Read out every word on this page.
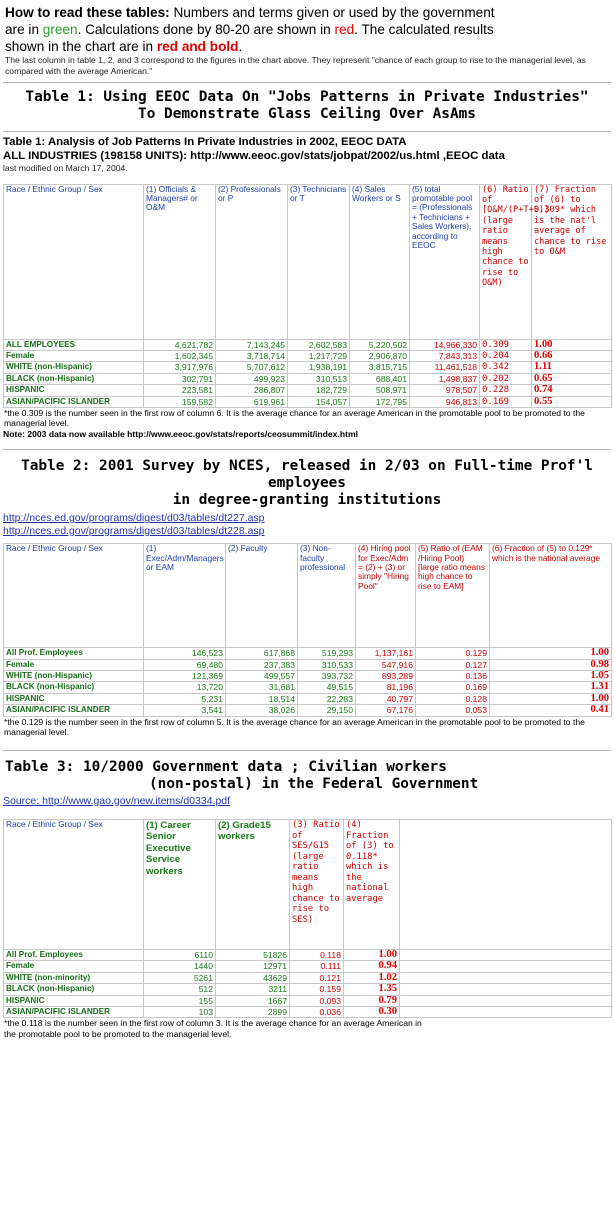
How to read these tables: Numbers and terms given or used by the government
are in green. Calculations done by 80-20 are shown in red. The calculated results
shown in the chart are in red and bold.
The last column in table 1, 2, and 3 correspond to the figures in the chart above. They represent "chance of each group to rise to the managerial level, as compared with the average American."
Table 1: Using EEOC Data On "Jobs Patterns in Private Industries"
To Demonstrate Glass Ceiling Over AsAms
Table 1: Analysis of Job Patterns In Private Industries in 2002, EEOC DATA
ALL INDUSTRIES (198158 UNITS): http://www.eeoc.gov/stats/jobpat/2002/us.html ,EEOC data
last modified on March 17, 2004.
Race / Ethnic Group / Sex	(1) Officials & Managers# or O&M	(2) Professionals or P	(3) Technicians or T	(4) Sales Workers or S	(5) total promotable pool = (Professionals + Technicians + Sales Workers), according to EEOC	(6) Ratio of [O&M/(P+T+S)] (large ratio means high chance to rise to O&M)	(7) Fraction of (6) to 0.309* which is the nat'l average of chance to rise to O&M
ALL EMPLOYEES	4,621,782	7,143,245	2,602,583	5,220,502	14,966,330	0.309	1.00
Female	1,602,345	3,718,714	1,217,729	2,906,870	7,843,313	0.204	0.66
WHITE (non-Hispanic)	3,917,976	5,707,612	1,938,191	3,815,715	11,461,518	0.342	1.11
BLACK (non-Hispanic)	302,791	499,923	310,513	688,401	1,498,837	0.202	0.65
HISPANIC	223,581	286,807	182,729	508,971	978,507	0.228	0.74
ASIAN/PACIFIC ISLANDER	159,582	619,961	154,057	172,795	946,813	0.169	0.55
*the 0.309 is the number seen in the first row of column 6. It is the average chance for an average American in the promotable pool to be promoted to the managerial level.
Note: 2003 data now available http://www.eeoc.gov/stats/reports/ceosummit/index.html
Table 2: 2001 Survey by NCES, released in 2/03 on Full-time Prof'l employees
in degree-granting institutions
http://nces.ed.gov/programs/digest/d03/tables/dt227.asp
http://nces.ed.gov/programs/digest/d03/tables/dt228.asp
Race / Ethnic Group / Sex	(1) Exec/Adm/Managers or EAM	(2) Faculty	(3) Non-faculty professional	(4) Hiring pool for Exec/Adm = (2) + (3) or simply "Hiring Pool"	(5) Ratio of (EAM /Hiring Pool) [large ratio means high chance to rise to EAM]	(6) Fraction of (5) to 0.129* which is the national average
All Prof. Employees	146,523	617,868	519,293	1,137,161	0.129	1.00
Female	69,480	237,383	310,533	547,916	0.127	0.98
WHITE (non-Hispanic)	121,369	499,557	393,732	893,289	0.136	1.05
BLACK (non-Hispanic)	13,720	31,681	49,515	81,196	0.169	1.31
HISPANIC	5,231	18,514	22,283	40,797	0.128	1.00
ASIAN/PACIFIC ISLANDER	3,541	38,026	29,150	67,176	0.053	0.41
*the 0.129 is the number seen in the first row of column 5. It is the average chance for an average American in the promotable pool to be promoted to the managerial level.
Table 3: 10/2000 Government data ; Civilian workers
(non-postal) in the Federal Government
Source: http://www.gao.gov/new.items/d0334.pdf
Race / Ethnic Group / Sex	(1) Career Senior Executive Service workers	(2) Grade15 workers	(3) Ratio of SES/G15 (large ratio means high chance to rise to SES)	(4) Fraction of (3) to 0.118* which is the national average	
All Prof. Employees	6110	51826	0.118	1.00	
Female	1440	12971	0.111	0.94	
WHITE (non-minority)	5261	43629	0.121	1.02	
BLACK (non-Hispanic)	512	3211	0.159	1.35	
HISPANIC	155	1667	0.093	0.79	
ASIAN/PACIFIC ISLANDER	103	2899	0.036	0.30	
*the 0.118 is the number seen in the first row of column 3. It is the average chance for an average American in the promotable pool to be promoted to the managerial level.
